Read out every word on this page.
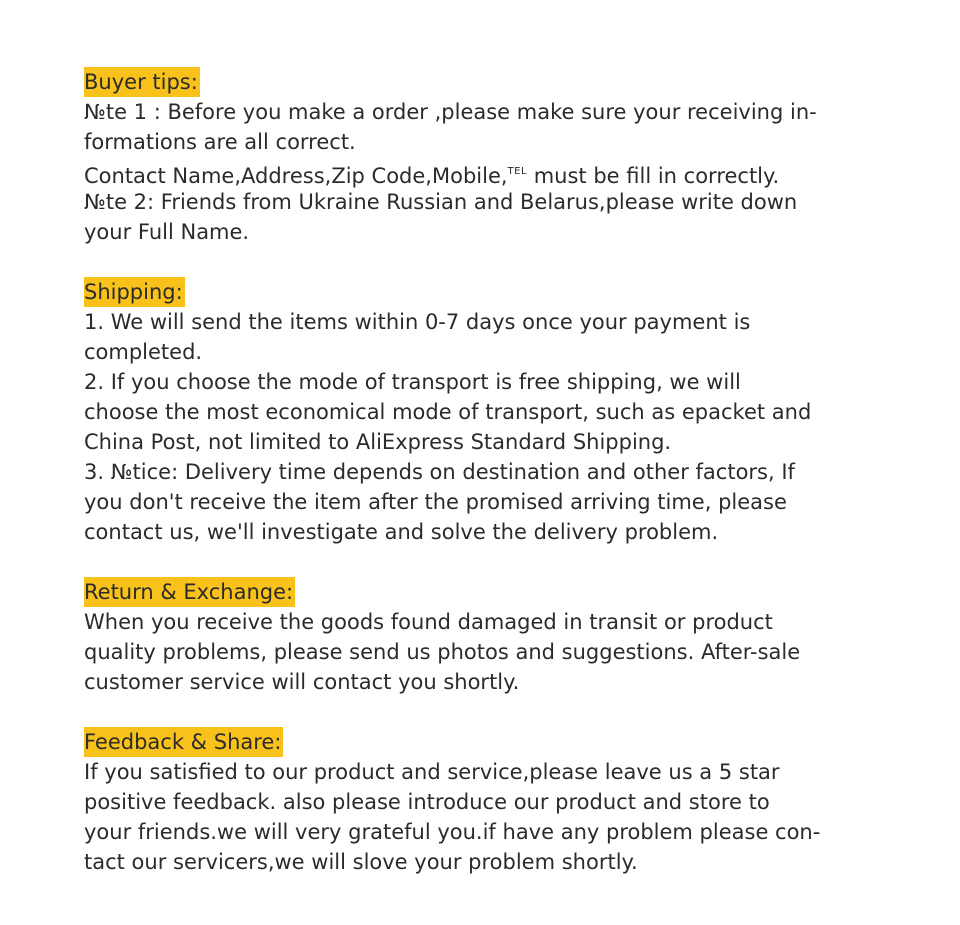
Buyer tips:

№te 1 : Before you make a order ,please make sure your receiving in-

formations are all correct.

Contact Name,Address,Zip Code,Mobile,$^{TEL}$ must be fill in correctly.

№te 2: Friends from Ukraine Russian and Belarus,please write down

your Full Name.

Shipping:

1. We will send the items within 0-7 days once your payment is

completed.

2. If you choose the mode of transport is free shipping, we will

choose the most economical mode of transport, such as epacket and

China Post, not limited to AliExpress Standard Shipping.

3. №tice: Delivery time depends on destination and other factors, If

you don't receive the item after the promised arriving time, please

contact us, we'll investigate and solve the delivery problem.

Return & Exchange:

When you receive the goods found damaged in transit or product

quality problems, please send us photos and suggestions. After-sale

customer service will contact you shortly.

Feedback & Share:

If you satisfied to our product and service,please leave us a 5 star

positive feedback. also please introduce our product and store to

your friends.we will very grateful you.if have any problem please con-

tact our servicers,we will slove your problem shortly.
